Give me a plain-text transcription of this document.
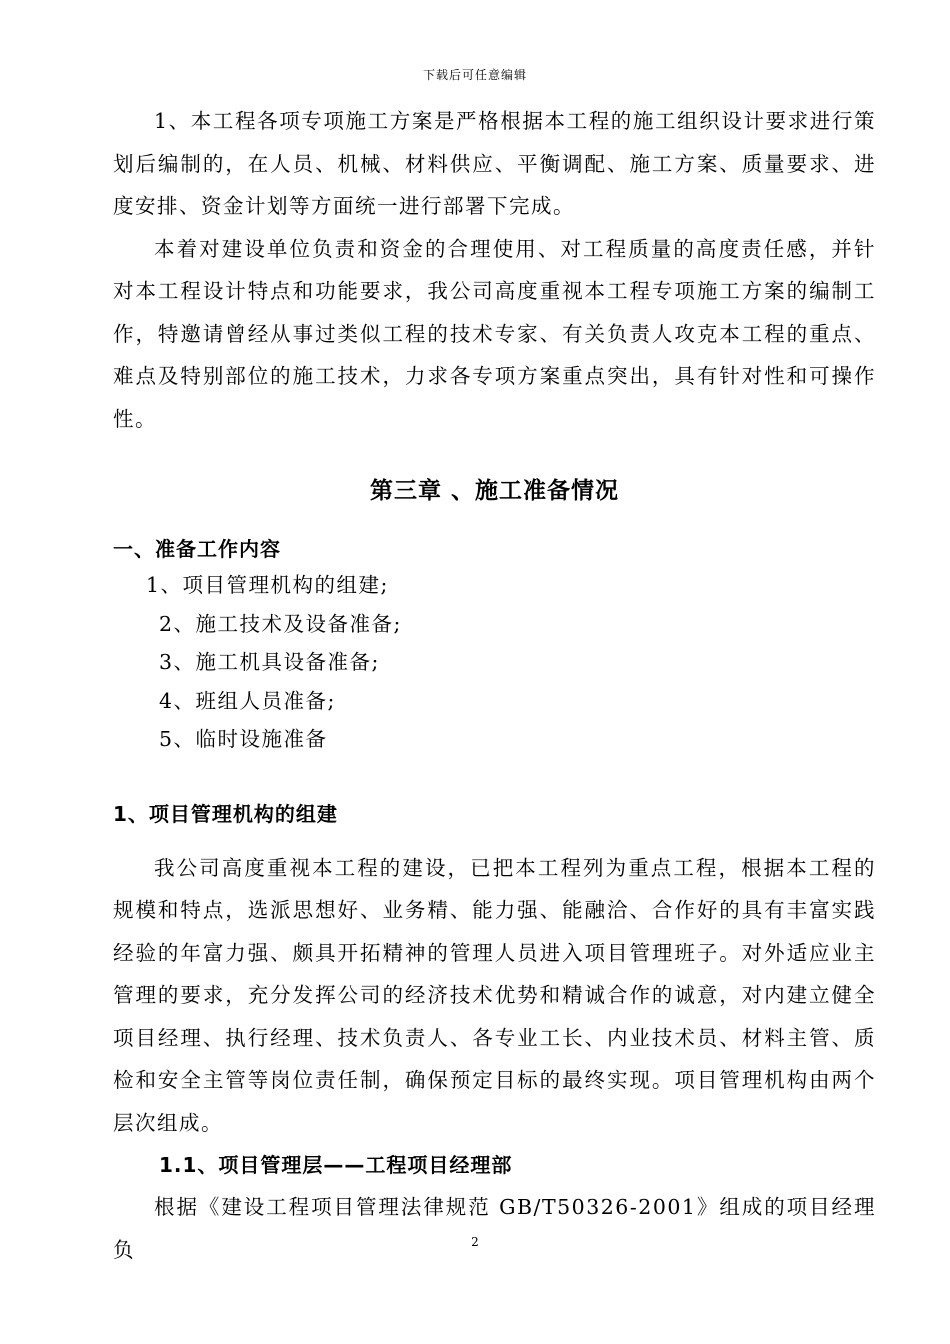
下载后可任意编辑

1、本工程各项专项施工方案是严格根据本工程的施工组织设计要求进行策划后编制的，在人员、机械、材料供应、平衡调配、施工方案、质量要求、进度安排、资金计划等方面统一进行部署下完成。

本着对建设单位负责和资金的合理使用、对工程质量的高度责任感，并针对本工程设计特点和功能要求，我公司高度重视本工程专项施工方案的编制工作，特邀请曾经从事过类似工程的技术专家、有关负责人攻克本工程的重点、难点及特别部位的施工技术，力求各专项方案重点突出，具有针对性和可操作性。

第三章 、施工准备情况
一、准备工作内容
1、项目管理机构的组建;
2、施工技术及设备准备;
3、施工机具设备准备;
4、班组人员准备;
5、临时设施准备
1、项目管理机构的组建

我公司高度重视本工程的建设，已把本工程列为重点工程，根据本工程的规模和特点，选派思想好、业务精、能力强、能融洽、合作好的具有丰富实践经验的年富力强、颇具开拓精神的管理人员进入项目管理班子。对外适应业主管理的要求，充分发挥公司的经济技术优势和精诚合作的诚意，对内建立健全项目经理、执行经理、技术负责人、各专业工长、内业技术员、材料主管、质检和安全主管等岗位责任制，确保预定目标的最终实现。项目管理机构由两个层次组成。

1.1、项目管理层——工程项目经理部

根据《建设工程项目管理法律规范 GB/T50326-2001》组成的项目经理负	2
